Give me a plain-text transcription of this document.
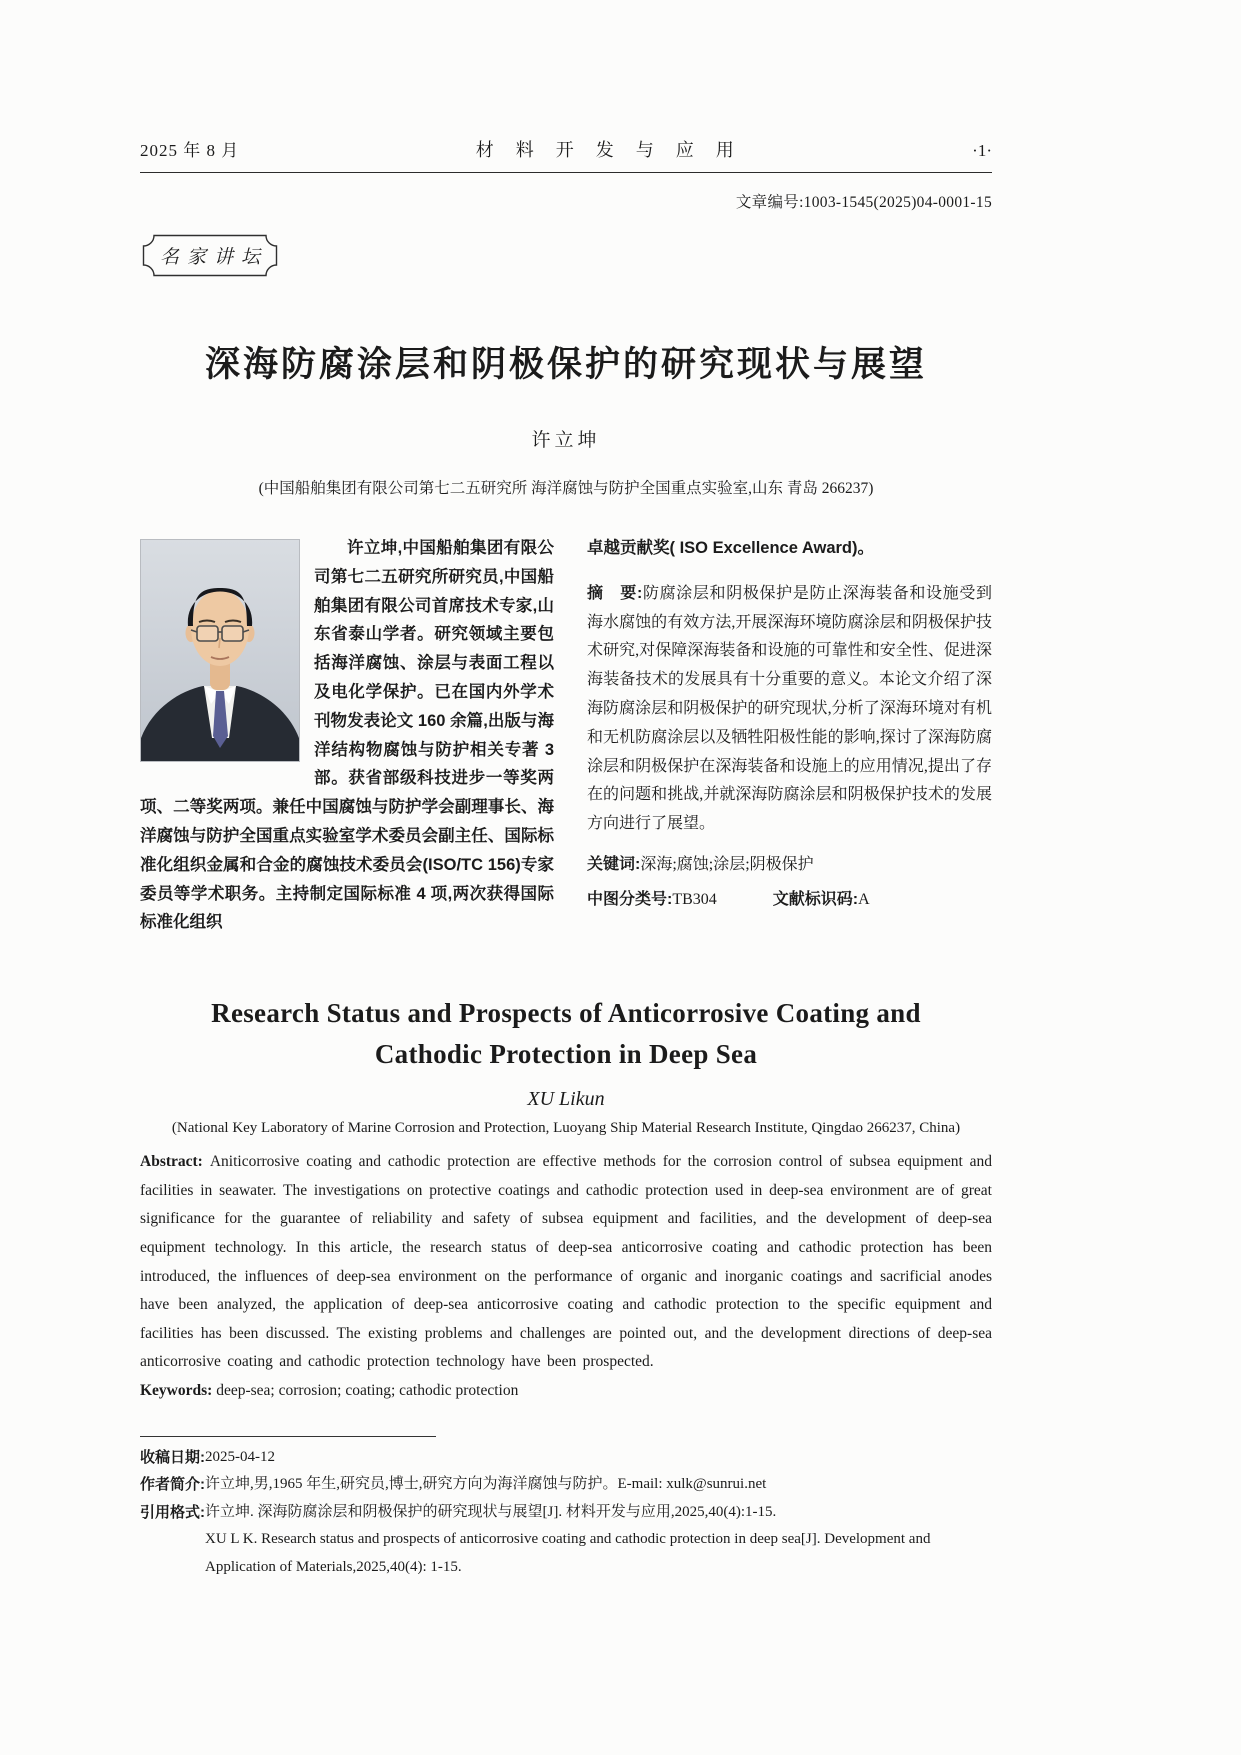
2025 年 8 月	材　料　开　发　与　应　用	·1·
文章编号:1003-1545(2025)04-0001-15
名家讲坛
深海防腐涂层和阴极保护的研究现状与展望
许立坤
(中国船舶集团有限公司第七二五研究所 海洋腐蚀与防护全国重点实验室,山东 青岛 266237)

许立坤,中国船舶集团有限公司第七二五研究所研究员,中国船舶集团有限公司首席技术专家,山东省泰山学者。研究领域主要包括海洋腐蚀、涂层与表面工程以及电化学保护。已在国内外学术刊物发表论文 160 余篇,出版与海洋结构物腐蚀与防护相关专著 3 部。获省部级科技进步一等奖两项、二等奖两项。兼任中国腐蚀与防护学会副理事长、海洋腐蚀与防护全国重点实验室学术委员会副主任、国际标准化组织金属和合金的腐蚀技术委员会(ISO/TC 156)专家委员等学术职务。主持制定国际标准 4 项,两次获得国际标准化组织

卓越贡献奖( ISO Excellence Award)。

摘　要:防腐涂层和阴极保护是防止深海装备和设施受到海水腐蚀的有效方法,开展深海环境防腐涂层和阴极保护技术研究,对保障深海装备和设施的可靠性和安全性、促进深海装备技术的发展具有十分重要的意义。本论文介绍了深海防腐涂层和阴极保护的研究现状,分析了深海环境对有机和无机防腐涂层以及牺牲阳极性能的影响,探讨了深海防腐涂层和阴极保护在深海装备和设施上的应用情况,提出了存在的问题和挑战,并就深海防腐涂层和阴极保护技术的发展方向进行了展望。

关键词:深海;腐蚀;涂层;阴极保护

中图分类号:TB304	文献标识码:A

Research Status and Prospects of Anticorrosive Coating and
Cathodic Protection in Deep Sea
XU Likun
(National Key Laboratory of Marine Corrosion and Protection, Luoyang Ship Material Research Institute, Qingdao 266237, China)

Abstract: Aniticorrosive coating and cathodic protection are effective methods for the corrosion control of subsea equipment and facilities in seawater. The investigations on protective coatings and cathodic protection used in deep-sea environment are of great significance for the guarantee of reliability and safety of subsea equipment and facilities, and the development of deep-sea equipment technology. In this article, the research status of deep-sea anticorrosive coating and cathodic protection has been introduced, the influences of deep-sea environment on the performance of organic and inorganic coatings and sacrificial anodes have been analyzed, the application of deep-sea anticorrosive coating and cathodic protection to the specific equipment and facilities has been discussed. The existing problems and challenges are pointed out, and the development directions of deep-sea anticorrosive coating and cathodic protection technology have been prospected.

Keywords: deep-sea; corrosion; coating; cathodic protection

收稿日期: 2025-04-12
作者简介: 许立坤,男,1965 年生,研究员,博士,研究方向为海洋腐蚀与防护。E-mail: xulk@sunrui.net
引用格式: 许立坤. 深海防腐涂层和阴极保护的研究现状与展望[J]. 材料开发与应用,2025,40(4):1-15.
XU L K. Research status and prospects of anticorrosive coating and cathodic protection in deep sea[J]. Development and Application of Materials,2025,40(4): 1-15.
